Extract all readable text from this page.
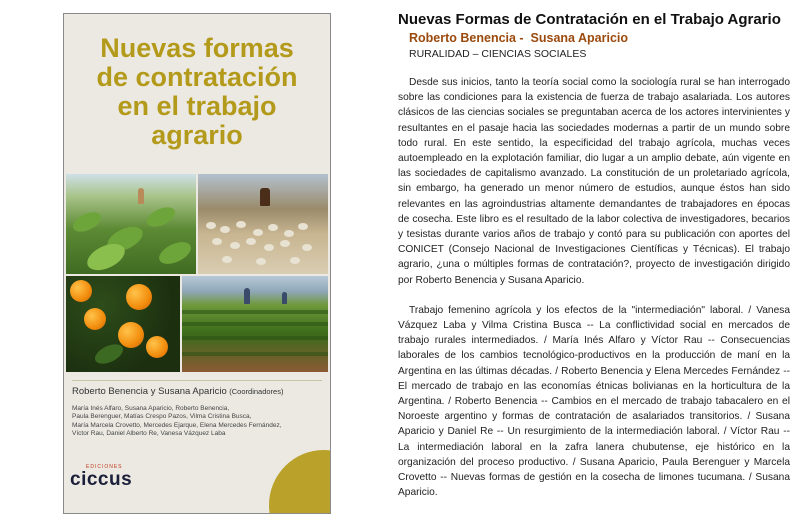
Nuevas formas
de contratación
en el trabajo agrario
Roberto Benencia y Susana Aparicio (Coordinadores)
María Inés Alfaro, Susana Aparicio, Roberto Benencia,
Paula Berenguer, Matías Crespo Pazos, Vilma Cristina Busca,
María Marcela Crovetto, Mercedes Ejarque, Elena Mercedes Fernández,
Víctor Rau, Daniel Alberto Re, Vanesa Vázquez Laba
EDICIONES
ciccus
Nuevas Formas de Contratación en el Trabajo Agrario
Roberto Benencia -  Susana Aparicio
RURALIDAD – CIENCIAS SOCIALES

Desde sus inicios, tanto la teoría social como la sociología rural se han interrogado sobre las condiciones para la existencia de fuerza de trabajo asalariada. Los autores clásicos de las ciencias sociales se preguntaban acerca de los actores intervinientes y resultantes en el pasaje hacia las sociedades modernas a partir de un mundo sobre todo rural. En este sentido, la especificidad del trabajo agrícola, muchas veces autoempleado en la explotación familiar, dio lugar a un amplio debate, aún vigente en las sociedades de capitalismo avanzado. La constitución de un proletariado agrícola, sin embargo, ha generado un menor número de estudios, aunque éstos han sido relevantes en las agroindustrias altamente demandantes de trabajadores en épocas de cosecha. Este libro es el resultado de la labor colectiva de investigadores, becarios y tesistas durante varios años de trabajo y contó para su publicación con aportes del CONICET (Consejo Nacional de Investigaciones Científicas y Técnicas). El trabajo agrario, ¿una o múltiples formas de contratación?, proyecto de investigación dirigido por Roberto Benencia y Susana Aparicio.

Trabajo femenino agrícola y los efectos de la "intermediación" laboral. / Vanesa Vázquez Laba y Vilma Cristina Busca -- La conflictividad social en mercados de trabajo rurales intermediados. / María Inés Alfaro y Víctor Rau -- Consecuencias laborales de los cambios tecnológico-productivos en la producción de maní en la Argentina en las últimas décadas. / Roberto Benencia y Elena Mercedes Fernández -- El mercado de trabajo en las economías étnicas bolivianas en la horticultura de la Argentina. / Roberto Benencia -- Cambios en el mercado de trabajo tabacalero en el Noroeste argentino y formas de contratación de asalariados transitorios. / Susana Aparicio y Daniel Re -- Un resurgimiento de la intermediación laboral. / Víctor Rau -- La intermediación laboral en la zafra lanera chubutense, eje histórico en la organización del proceso productivo. / Susana Aparicio, Paula Berenguer y Marcela Crovetto -- Nuevas formas de gestión en la cosecha de limones tucumana. / Susana Aparicio.
